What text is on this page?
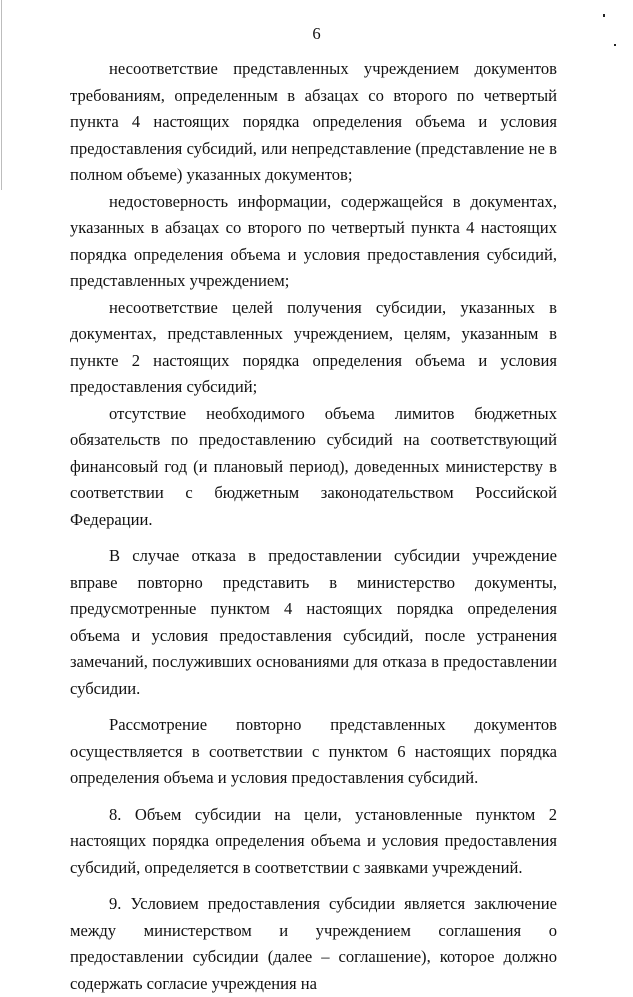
6

несоответствие представленных учреждением документов требованиям, определенным в абзацах со второго по четвертый пункта 4 настоящих порядка определения объема и условия предоставления субсидий, или непредставление (представление не в полном объеме) указанных документов;

недостоверность информации, содержащейся в документах, указанных в абзацах со второго по четвертый пункта 4 настоящих порядка определения объема и условия предоставления субсидий, представленных учреждением;

несоответствие целей получения субсидии, указанных в документах, представленных учреждением, целям, указанным в пункте 2 настоящих порядка определения объема и условия предоставления субсидий;

отсутствие необходимого объема лимитов бюджетных обязательств по предоставлению субсидий на соответствующий финансовый год (и плановый период), доведенных министерству в соответствии с бюджетным законодательством Российской Федерации.

В случае отказа в предоставлении субсидии учреждение вправе повторно представить в министерство документы, предусмотренные пунктом 4 настоящих порядка определения объема и условия предоставления субсидий, после устранения замечаний, послуживших основаниями для отказа в предоставлении субсидии.

Рассмотрение повторно представленных документов осуществляется в соответствии с пунктом 6 настоящих порядка определения объема и условия предоставления субсидий.

8. Объем субсидии на цели, установленные пунктом 2 настоящих порядка определения объема и условия предоставления субсидий, определяется в соответствии с заявками учреждений.

9. Условием предоставления субсидии является заключение между министерством и учреждением соглашения о предоставлении субсидии (далее – соглашение), которое должно содержать согласие учреждения на
